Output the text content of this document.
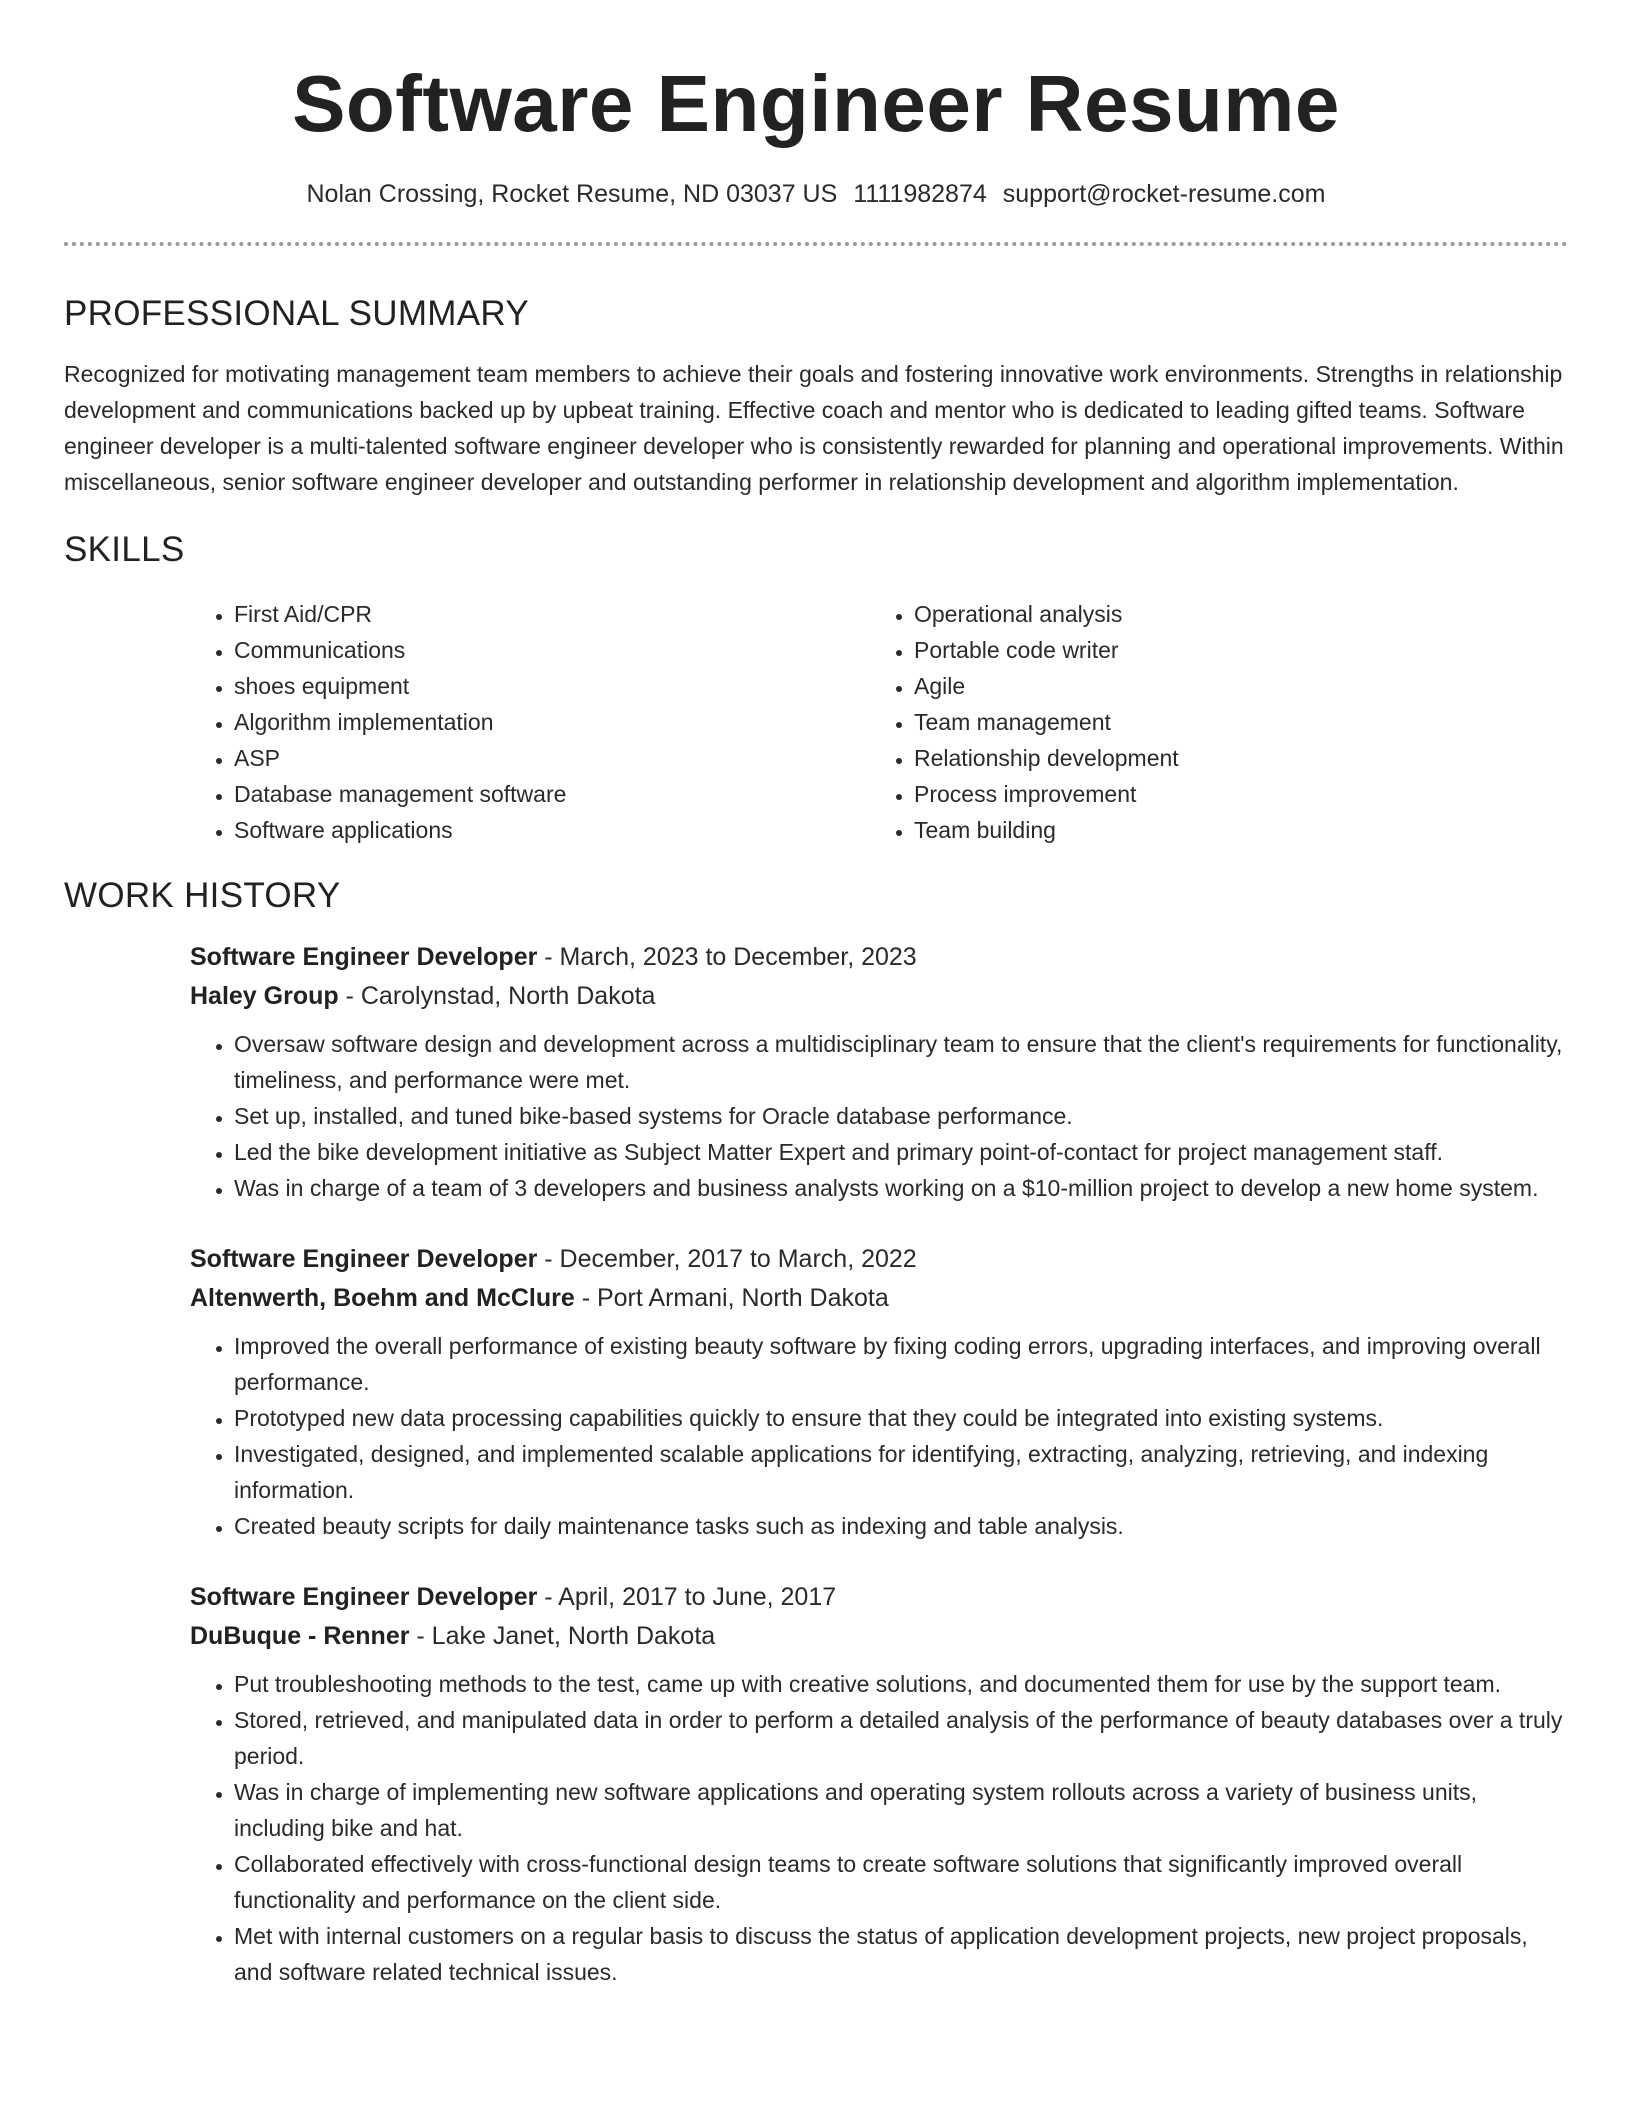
Software Engineer Resume
Nolan Crossing, Rocket Resume, ND 03037 US 1111982874 support@rocket-resume.com
PROFESSIONAL SUMMARY

Recognized for motivating management team members to achieve their goals and fostering innovative work environments. Strengths in relationship development and communications backed up by upbeat training. Effective coach and mentor who is dedicated to leading gifted teams. Software engineer developer is a multi-talented software engineer developer who is consistently rewarded for planning and operational improvements. Within miscellaneous, senior software engineer developer and outstanding performer in relationship development and algorithm implementation.

SKILLS
• First Aid/CPR
• Communications
• shoes equipment
• Algorithm implementation
• ASP
• Database management software
• Software applications
• Operational analysis
• Portable code writer
• Agile
• Team management
• Relationship development
• Process improvement
• Team building
WORK HISTORY
Software Engineer Developer - March, 2023 to December, 2023
Haley Group - Carolynstad, North Dakota
• Oversaw software design and development across a multidisciplinary team to ensure that the client's requirements for functionality, timeliness, and performance were met.
• Set up, installed, and tuned bike-based systems for Oracle database performance.
• Led the bike development initiative as Subject Matter Expert and primary point-of-contact for project management staff.
• Was in charge of a team of 3 developers and business analysts working on a $10-million project to develop a new home system.
Software Engineer Developer - December, 2017 to March, 2022
Altenwerth, Boehm and McClure - Port Armani, North Dakota
• Improved the overall performance of existing beauty software by fixing coding errors, upgrading interfaces, and improving overall performance.
• Prototyped new data processing capabilities quickly to ensure that they could be integrated into existing systems.
• Investigated, designed, and implemented scalable applications for identifying, extracting, analyzing, retrieving, and indexing information.
• Created beauty scripts for daily maintenance tasks such as indexing and table analysis.
Software Engineer Developer - April, 2017 to June, 2017
DuBuque - Renner - Lake Janet, North Dakota
• Put troubleshooting methods to the test, came up with creative solutions, and documented them for use by the support team.
• Stored, retrieved, and manipulated data in order to perform a detailed analysis of the performance of beauty databases over a truly period.
• Was in charge of implementing new software applications and operating system rollouts across a variety of business units, including bike and hat.
• Collaborated effectively with cross-functional design teams to create software solutions that significantly improved overall functionality and performance on the client side.
• Met with internal customers on a regular basis to discuss the status of application development projects, new project proposals, and software related technical issues.
